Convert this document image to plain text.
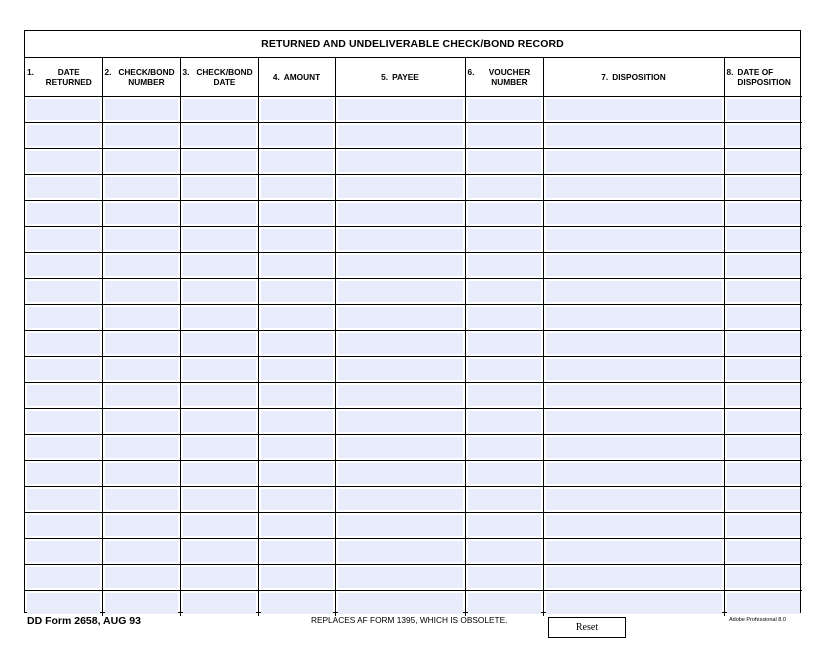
RETURNED AND UNDELIVERABLE CHECK/BOND RECORD
1. DATE RETURNED	2. CHECK/BOND NUMBER	3. CHECK/BOND DATE	4. AMOUNT	5. PAYEE	6. VOUCHER NUMBER	7. DISPOSITION	8. DATE OF DISPOSITION

DD Form 2658, AUG 93	REPLACES AF FORM 1395, WHICH IS OBSOLETE.
Reset
Adobe Professional 8.0
